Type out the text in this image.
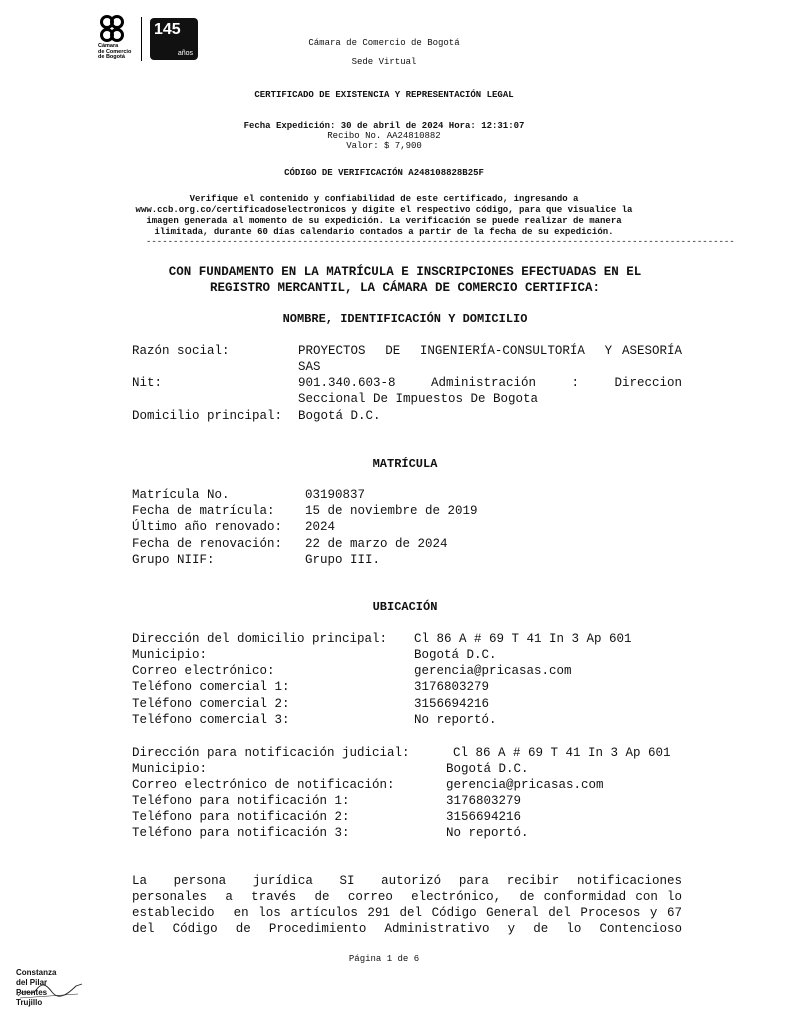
Cámara
de Comercio
de Bogotá
145
años
Cámara de Comercio de Bogotá
Sede Virtual
CERTIFICADO DE EXISTENCIA Y REPRESENTACIÓN LEGAL
Fecha Expedición: 30 de abril de 2024 Hora: 12:31:07
Recibo No. AA24810882
Valor: $ 7,900
CÓDIGO DE VERIFICACIÓN A248108828B25F
Verifique el contenido y confiabilidad de este certificado, ingresando a
www.ccb.org.co/certificadoselectronicos y digite el respectivo código, para que visualice la
imagen generada al momento de su expedición. La verificación se puede realizar de manera
ilimitada, durante 60 días calendario contados a partir de la fecha de su expedición.
-------------------------------------------------------------------------------------------------------------
CON FUNDAMENTO EN LA MATRÍCULA E INSCRIPCIONES EFECTUADAS EN EL
REGISTRO MERCANTIL, LA CÁMARA DE COMERCIO CERTIFICA:
NOMBRE, IDENTIFICACIÓN Y DOMICILIO
Razón social:	PROYECTOS  DE  INGENIERÍA-CONSULTORÍA  Y ASESORÍA
SAS
Nit:	901.340.603-8   Administración   :   Direccion
Seccional De Impuestos De Bogota
Domicilio principal: Bogotá D.C.
MATRÍCULA
Matrícula No.	03190837
Fecha de matrícula: 15 de noviembre de 2019
Último año renovado: 2024
Fecha de renovación: 22 de marzo de 2024
Grupo NIIF:	Grupo III.
UBICACIÓN
Dirección del domicilio principal: Cl 86 A # 69 T 41 In 3 Ap 601
Municipio:	Bogotá D.C.
Correo electrónico:	gerencia@pricasas.com
Teléfono comercial 1:	3176803279
Teléfono comercial 2:	3156694216
Teléfono comercial 3:	No reportó.
Dirección para notificación judicial:	Cl 86 A # 69 T 41 In 3 Ap 601
Municipio:	Bogotá D.C.
Correo electrónico de notificación:	gerencia@pricasas.com
Teléfono para notificación 1:	3176803279
Teléfono para notificación 2:	3156694216
Teléfono para notificación 3:	No reportó.
La   persona   jurídica   SI   autorizó  para  recibir  notificaciones
personales  a  través  de  correo  electrónico,  de conformidad con lo
establecido  en los artículos 291 del Código General del Procesos y 67
del  Código  de  Procedimiento  Administrativo  y  de  lo  Contencioso
Página 1 de 6
Constanza
del Pilar
Puentes
Trujillo
